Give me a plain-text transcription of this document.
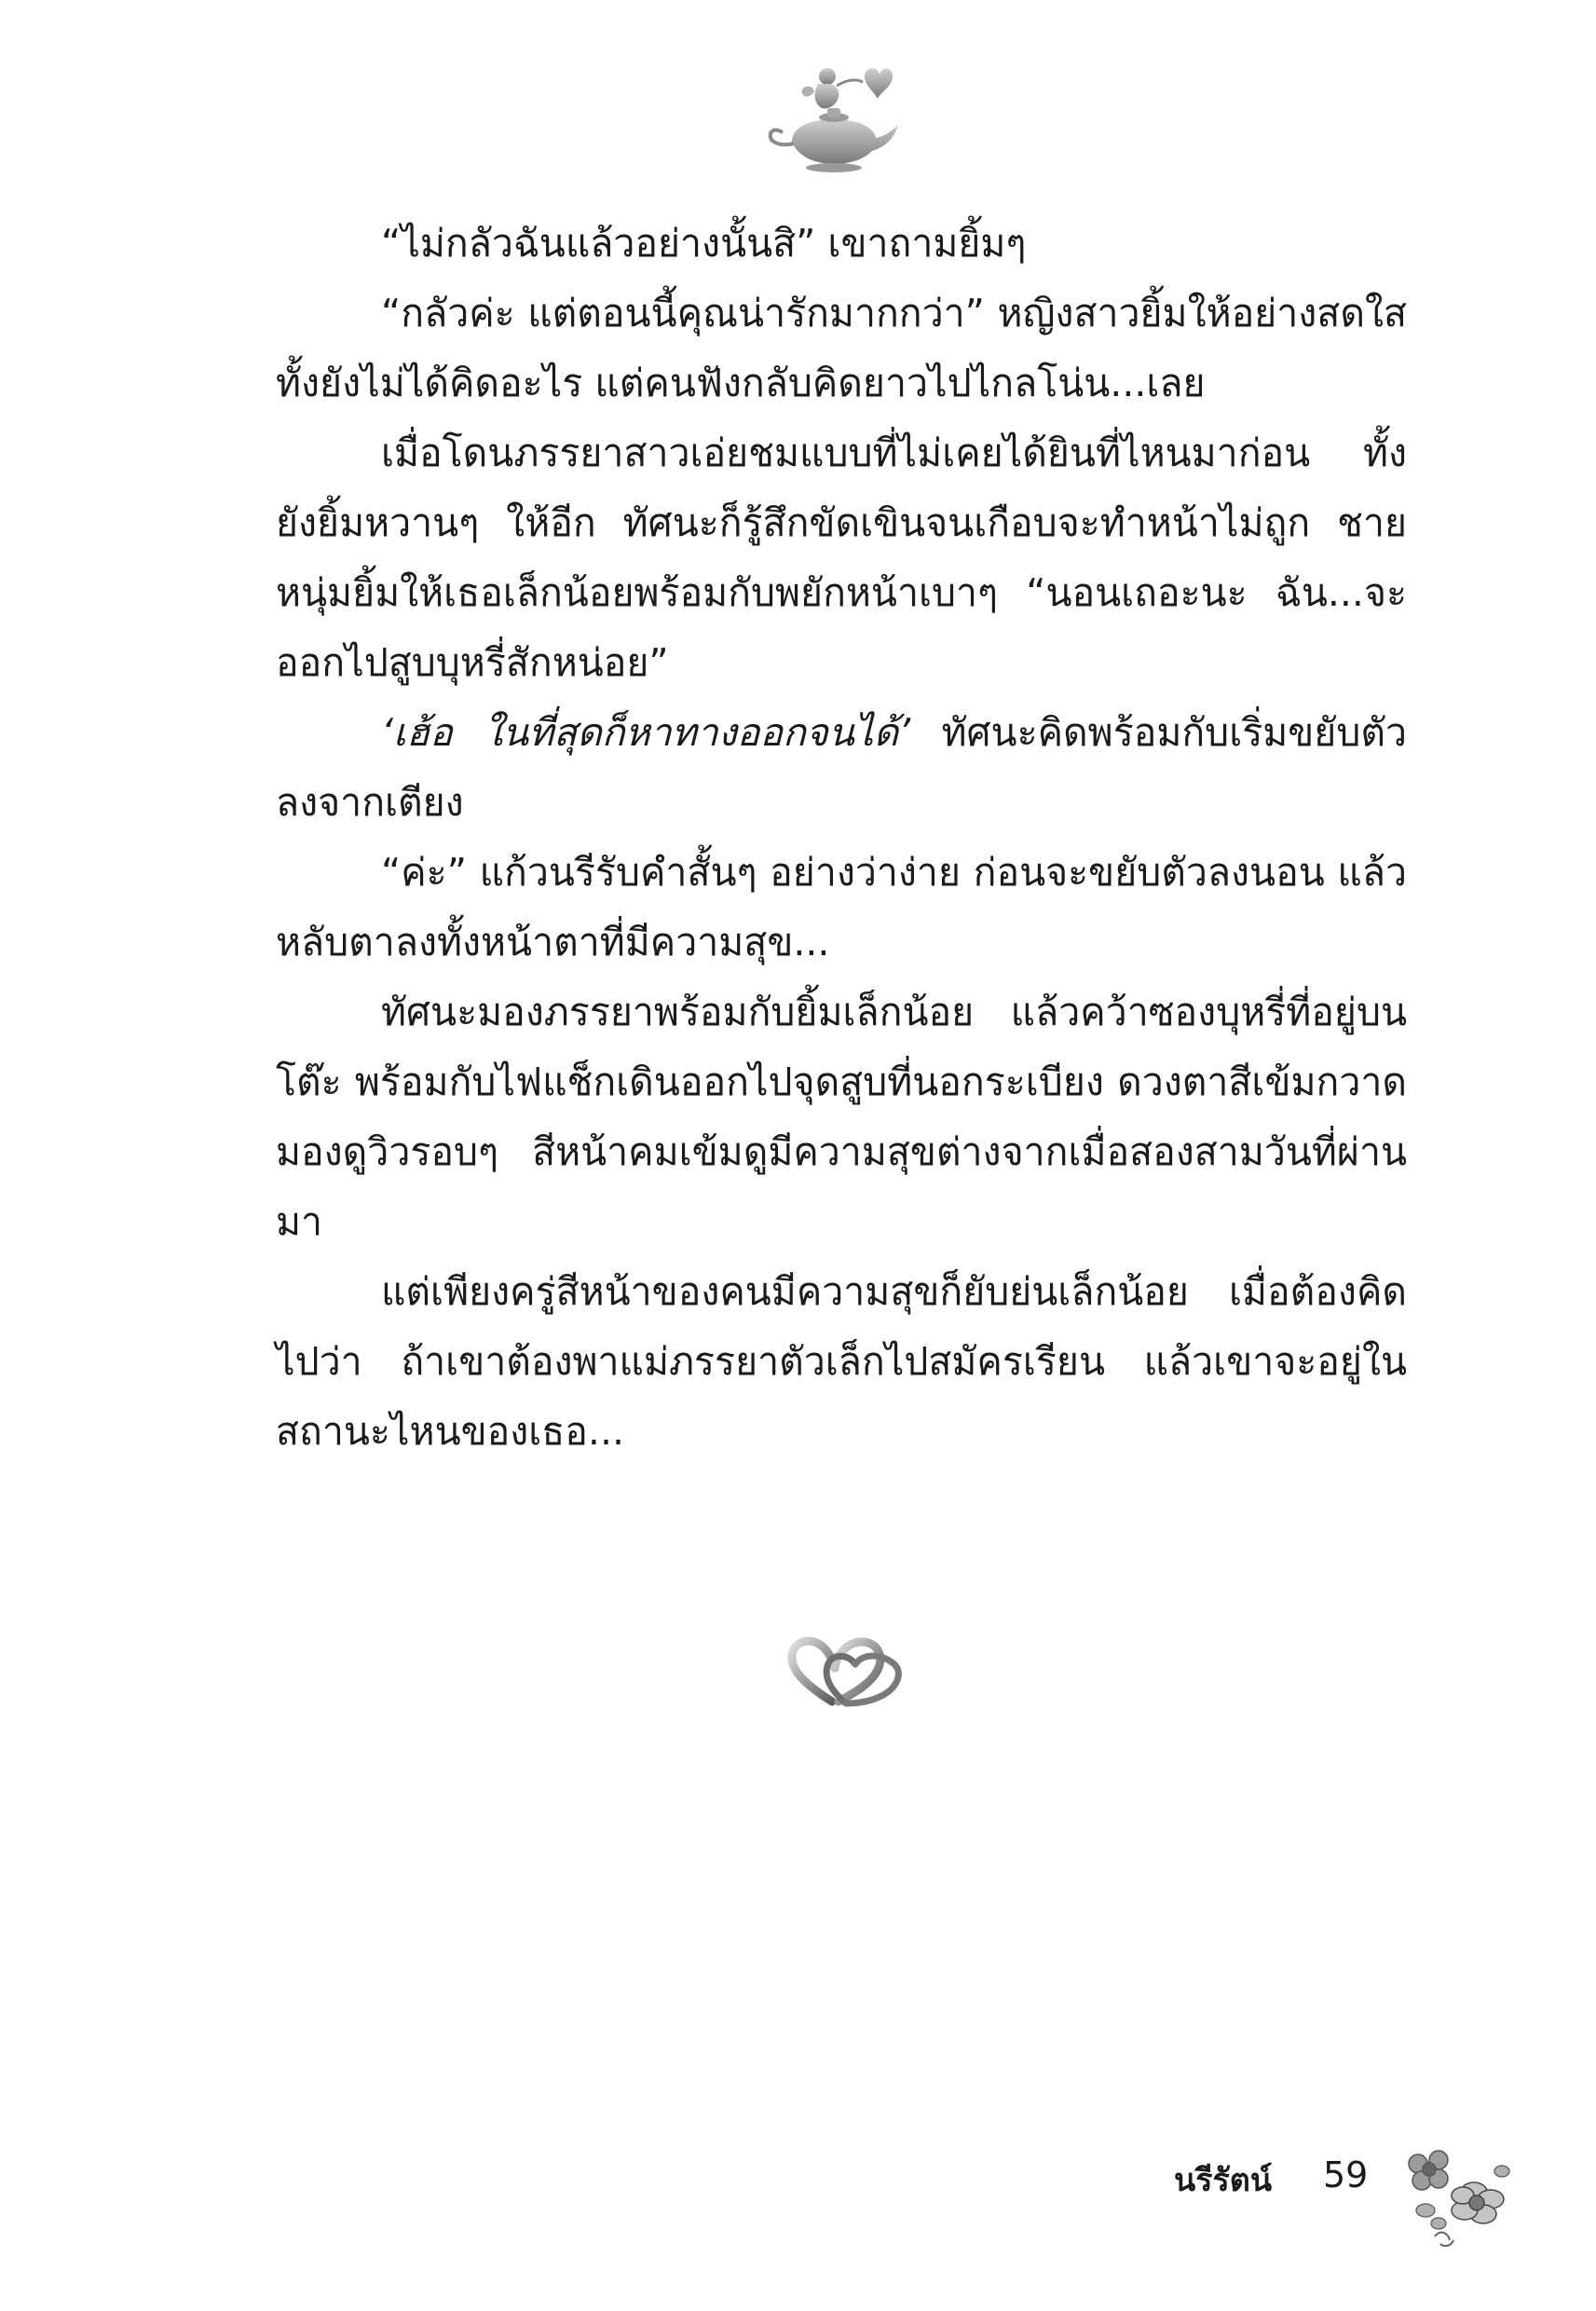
“ไม่กลัวฉันแล้วอย่างนั้นสิ” เขาถามยิ้มๆ

“กลัวค่ะ แต่ตอนนี้คุณน่ารักมากกว่า” หญิงสาวยิ้มให้อย่างสดใส ทั้งยังไม่ได้คิดอะไร แต่คนฟังกลับคิดยาวไปไกลโน่น...เลย

เมื่อโดนภรรยาสาวเอ่ยชมแบบที่ไม่เคยได้ยินที่ไหนมาก่อน ทั้งยังยิ้มหวานๆ ให้อีก ทัศนะก็รู้สึกขัดเขินจนเกือบจะทำหน้าไม่ถูก ชายหนุ่มยิ้มให้เธอเล็กน้อยพร้อมกับพยักหน้าเบาๆ “นอนเถอะนะ ฉัน...จะออกไปสูบบุหรี่สักหน่อย”

‘เฮ้อ ในที่สุดก็หาทางออกจนได้’ ทัศนะคิดพร้อมกับเริ่มขยับตัวลงจากเตียง

“ค่ะ” แก้วนรีรับคำสั้นๆ อย่างว่าง่าย ก่อนจะขยับตัวลงนอน แล้วหลับตาลงทั้งหน้าตาที่มีความสุข...

ทัศนะมองภรรยาพร้อมกับยิ้มเล็กน้อย แล้วคว้าซองบุหรี่ที่อยู่บนโต๊ะ พร้อมกับไฟแช็กเดินออกไปจุดสูบที่นอกระเบียง ดวงตาสีเข้มกวาดมองดูวิวรอบๆ สีหน้าคมเข้มดูมีความสุขต่างจากเมื่อสองสามวันที่ผ่านมา

แต่เพียงครู่สีหน้าของคนมีความสุขก็ยับย่นเล็กน้อย เมื่อต้องคิดไปว่า ถ้าเขาต้องพาแม่ภรรยาตัวเล็กไปสมัครเรียน แล้วเขาจะอยู่ในสถานะไหนของเธอ...

นรีรัตน์ 59
